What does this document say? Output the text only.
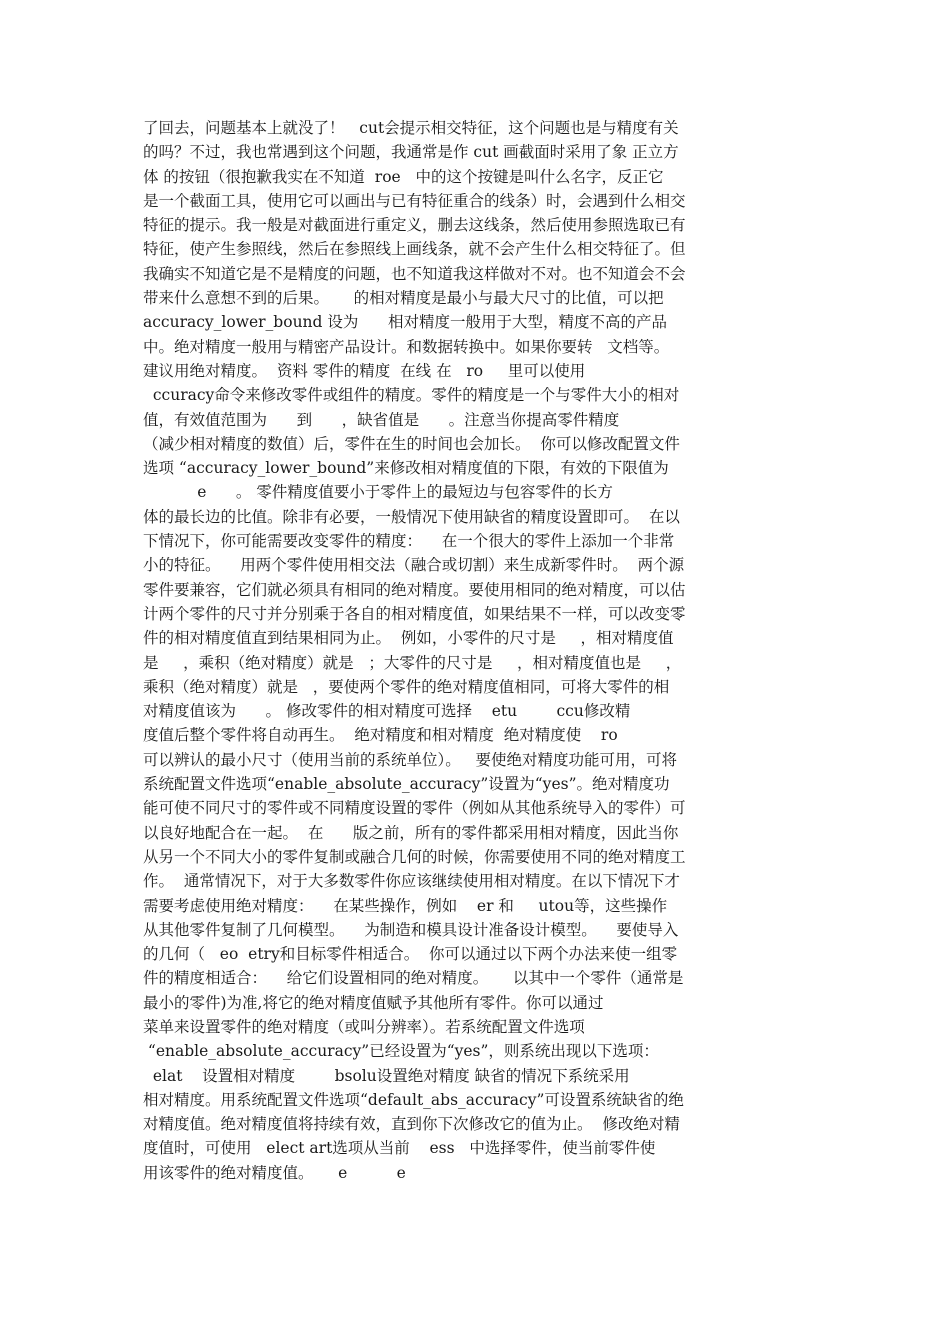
了回去，问题基本上就没了！   cut会提示相交特征，这个问题也是与精度有关
的吗？不过，我也常遇到这个问题，我通常是作 cut 画截面时采用了象 正立方
体 的按钮（很抱歉我实在不知道  roe   中的这个按键是叫什么名字，反正它
是一个截面工具，使用它可以画出与已有特征重合的线条）时，会遇到什么相交
特征的提示。我一般是对截面进行重定义，删去这线条，然后使用参照选取已有
特征，使产生参照线，然后在参照线上画线条，就不会产生什么相交特征了。但
我确实不知道它是不是精度的问题，也不知道我这样做对不对。也不知道会不会
带来什么意想不到的后果。     的相对精度是最小与最大尺寸的比值，可以把
accuracy_lower_bound 设为      相对精度一般用于大型，精度不高的产品
中。绝对精度一般用与精密产品设计。和数据转换中。如果你要转   文档等。
建议用绝对精度。  资料 零件的精度  在线 在   ro     里可以使用
ccuracy命令来修改零件或组件的精度。零件的精度是一个与零件大小的相对
值，有效值范围为      到      ，缺省值是      。注意当你提高零件精度
（减少相对精度的数值）后，零件在生的时间也会加长。  你可以修改配置文件
选项 “accuracy_lower_bound”来修改相对精度值的下限，有效的下限值为
e      。 零件精度值要小于零件上的最短边与包容零件的长方
体的最长边的比值。除非有必要，一般情况下使用缺省的精度设置即可。  在以
下情况下，你可能需要改变零件的精度：    在一个很大的零件上添加一个非常
小的特征。    用两个零件使用相交法（融合或切割）来生成新零件时。  两个源
零件要兼容，它们就必须具有相同的绝对精度。要使用相同的绝对精度，可以估
计两个零件的尺寸并分别乘于各自的相对精度值，如果结果不一样，可以改变零
件的相对精度值直到结果相同为止。  例如，小零件的尺寸是     ，相对精度值
是     ，乘积（绝对精度）就是   ；大零件的尺寸是     ，相对精度值也是     ，
乘积（绝对精度）就是   ，要使两个零件的绝对精度值相同，可将大零件的相
对精度值该为      。 修改零件的相对精度可选择    etu        ccu修改精
度值后整个零件将自动再生。  绝对精度和相对精度  绝对精度使    ro
可以辨认的最小尺寸（使用当前的系统单位）。   要使绝对精度功能可用，可将
系统配置文件选项“enable_absolute_accuracy”设置为“yes”。绝对精度功
能可使不同尺寸的零件或不同精度设置的零件（例如从其他系统导入的零件）可
以良好地配合在一起。  在      版之前，所有的零件都采用相对精度，因此当你
从另一个不同大小的零件复制或融合几何的时候，你需要使用不同的绝对精度工
作。  通常情况下，对于大多数零件你应该继续使用相对精度。在以下情况下才
需要考虑使用绝对精度：    在某些操作，例如    er 和     utou等，这些操作
从其他零件复制了几何模型。    为制造和模具设计准备设计模型。    要使导入
的几何（   eo  etry和目标零件相适合。  你可以通过以下两个办法来使一组零
件的精度相适合：    给它们设置相同的绝对精度。     以其中一个零件（通常是
最小的零件)为准,将它的绝对精度值赋予其他所有零件。你可以通过
菜单来设置零件的绝对精度（或叫分辨率）。若系统配置文件选项
“enable_absolute_accuracy”已经设置为“yes”，则系统出现以下选项：
elat    设置相对精度        bsolu设置绝对精度 缺省的情况下系统采用
相对精度。用系统配置文件选项“default_abs_accuracy”可设置系统缺省的绝
对精度值。绝对精度值将持续有效，直到你下次修改它的值为止。  修改绝对精
度值时，可使用   elect art选项从当前    ess   中选择零件，使当前零件使
用该零件的绝对精度值。     e          e
